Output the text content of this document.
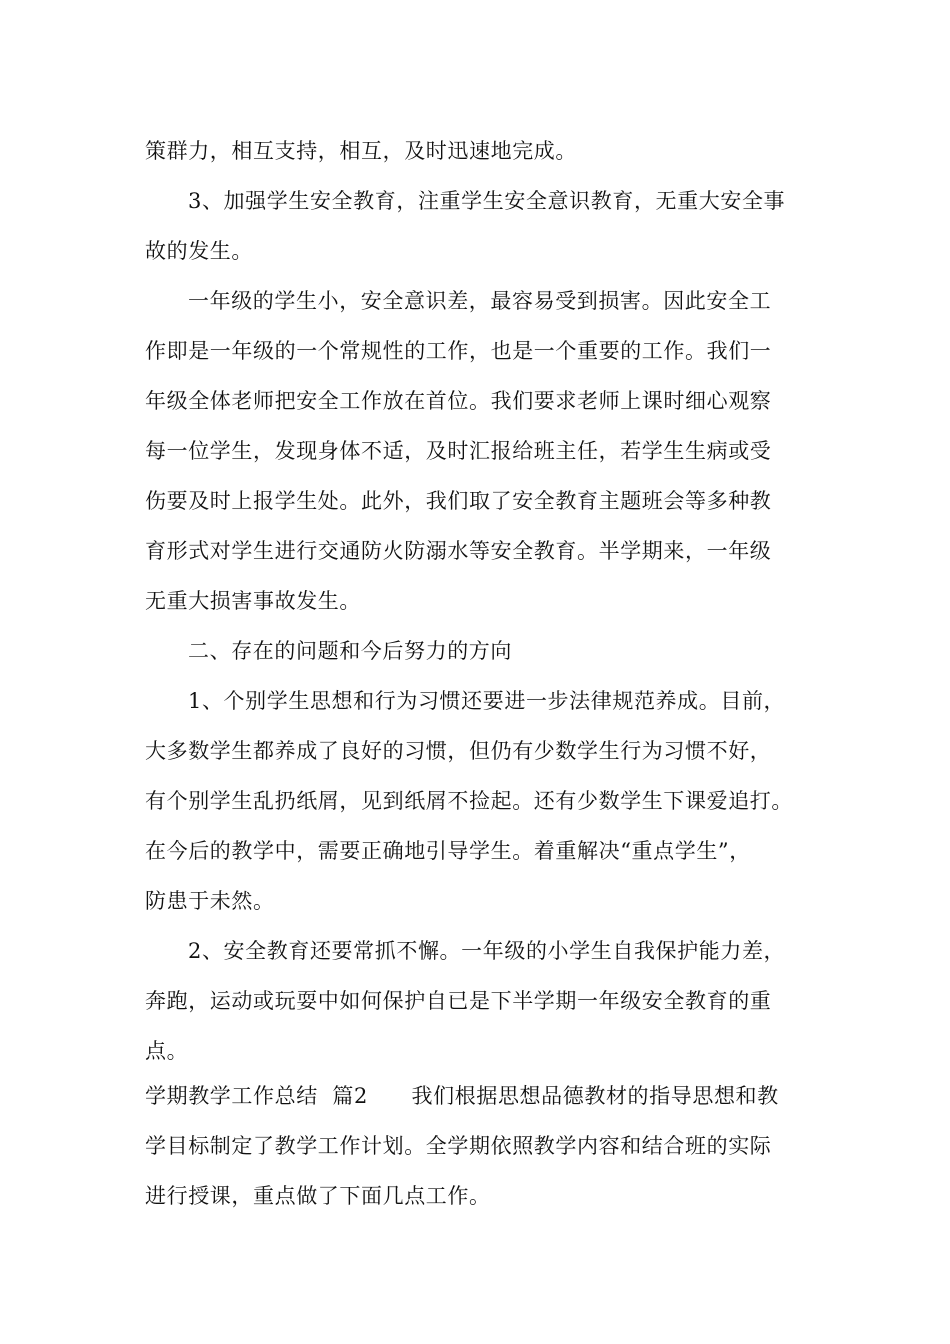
策群力，相互支持，相互，及时迅速地完成。
3、加强学生安全教育，注重学生安全意识教育，无重大安全事
故的发生。
一年级的学生小，安全意识差，最容易受到损害。因此安全工
作即是一年级的一个常规性的工作，也是一个重要的工作。我们一
年级全体老师把安全工作放在首位。我们要求老师上课时细心观察
每一位学生，发现身体不适，及时汇报给班主任，若学生生病或受
伤要及时上报学生处。此外，我们取了安全教育主题班会等多种教
育形式对学生进行交通防火防溺水等安全教育。半学期来，一年级
无重大损害事故发生。
二、存在的问题和今后努力的方向
1、个别学生思想和行为习惯还要进一步法律规范养成。目前，
大多数学生都养成了良好的习惯，但仍有少数学生行为习惯不好，
有个别学生乱扔纸屑，见到纸屑不捡起。还有少数学生下课爱追打。
在今后的教学中，需要正确地引导学生。着重解决“重点学生”，
防患于未然。
2、安全教育还要常抓不懈。一年级的小学生自我保护能力差，
奔跑，运动或玩耍中如何保护自已是下半学期一年级安全教育的重
点。
学期教学工作总结  篇2      我们根据思想品德教材的指导思想和教
学目标制定了教学工作计划。全学期依照教学内容和结合班的实际
进行授课，重点做了下面几点工作。
